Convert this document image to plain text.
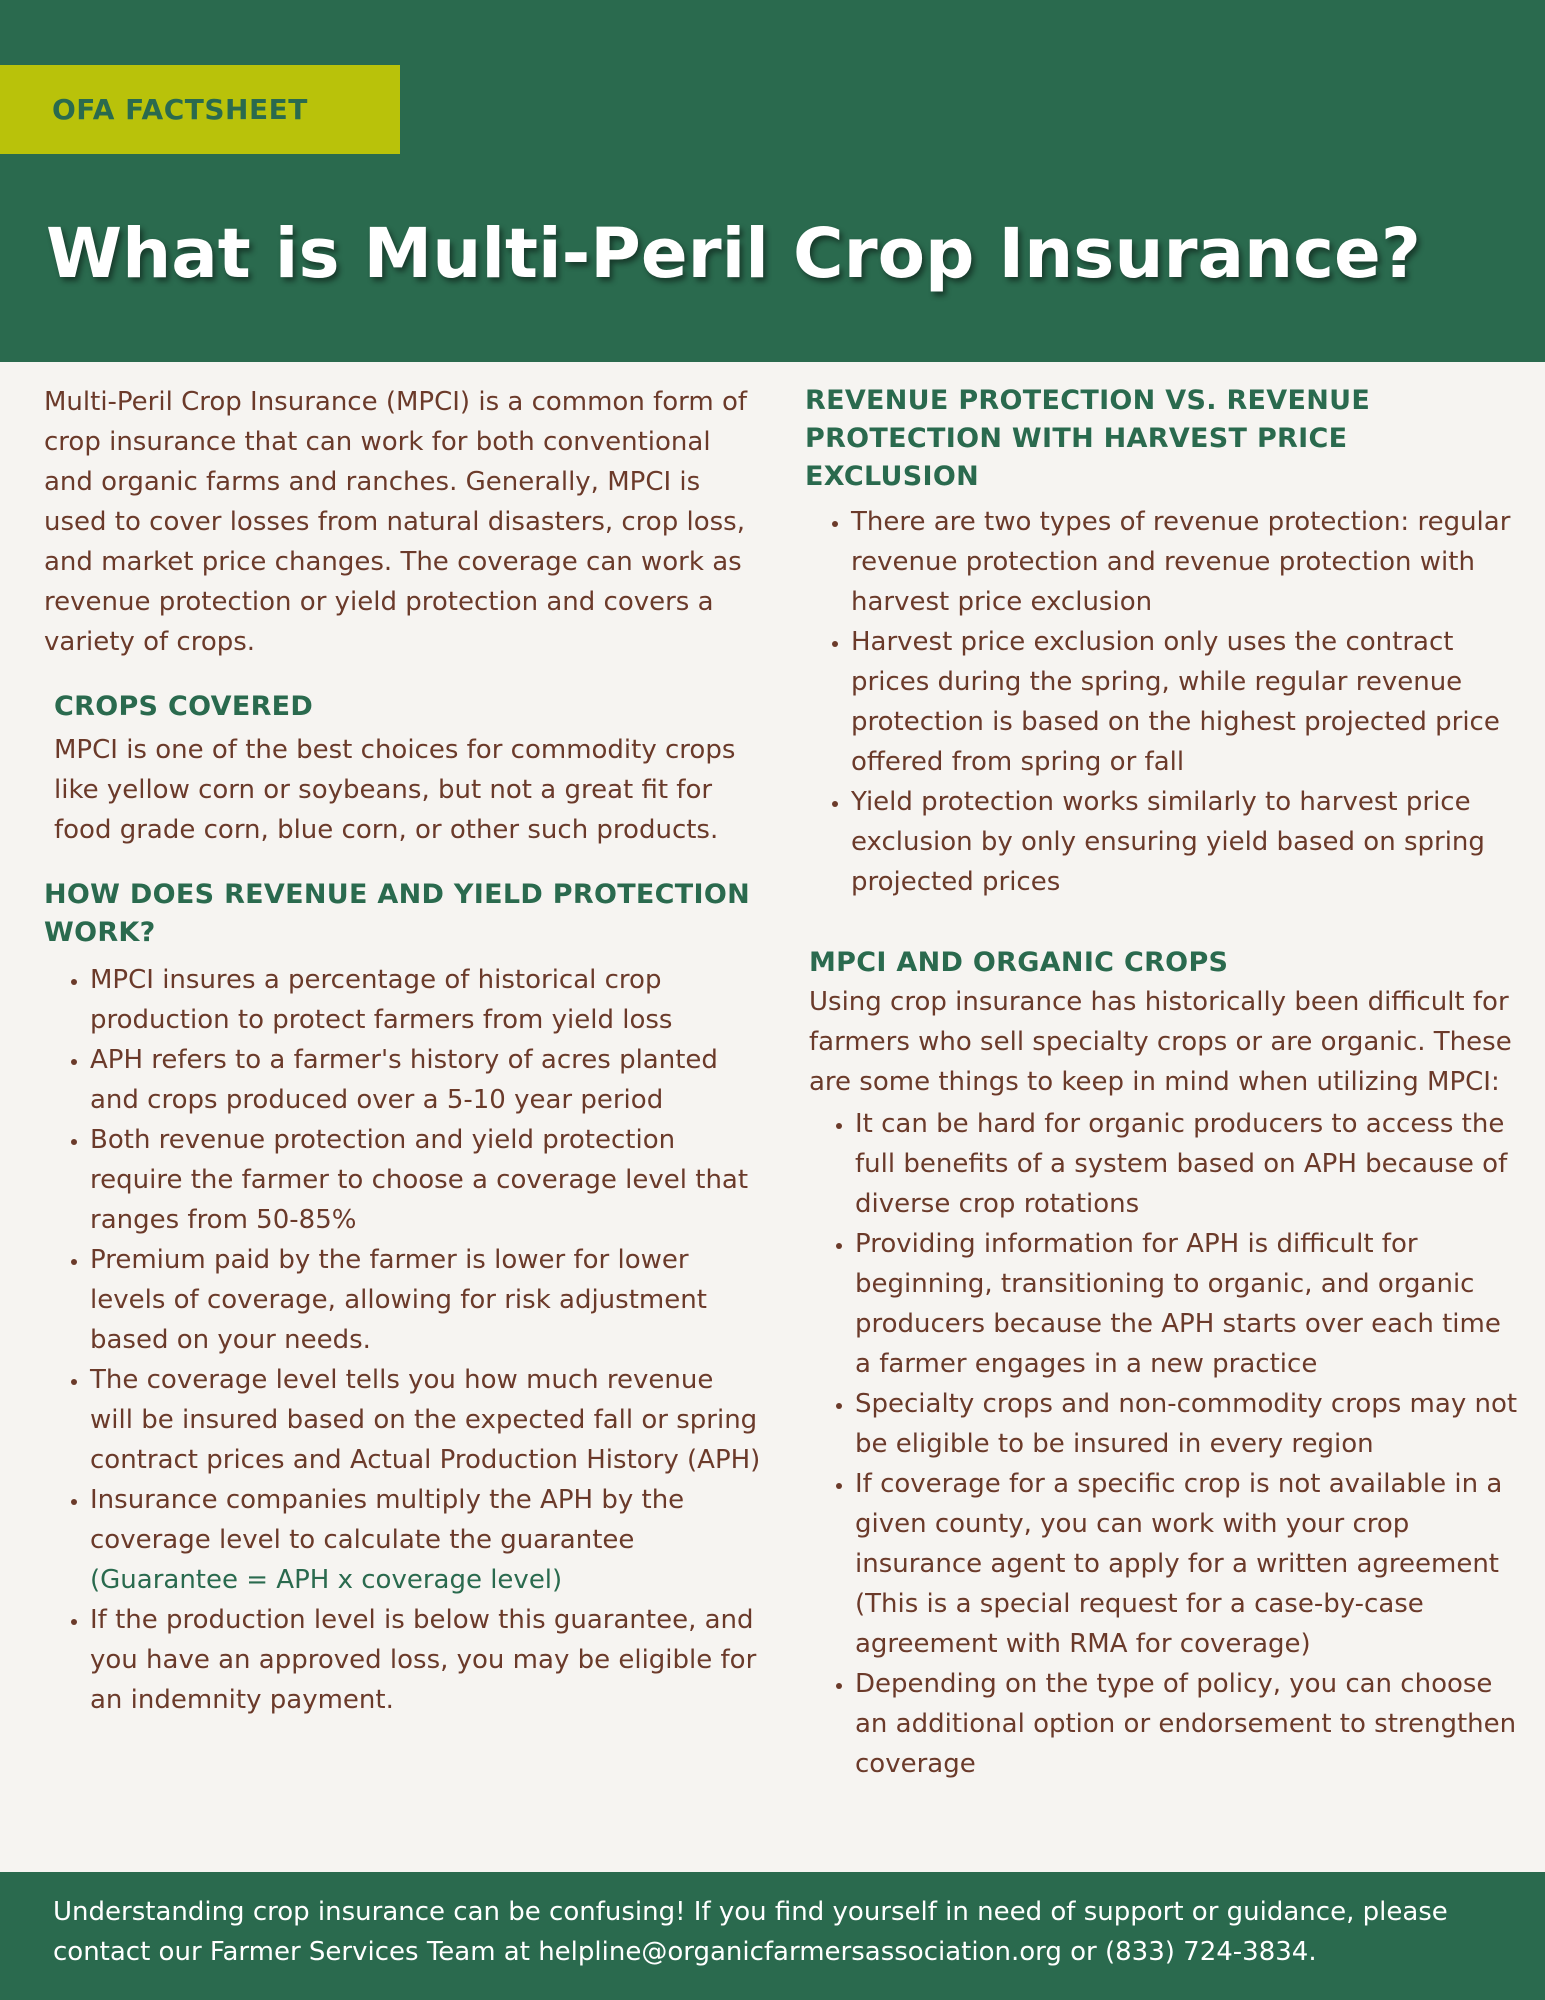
OFA FACTSHEET
What is Multi-Peril Crop Insurance?

Multi-Peril Crop Insurance (MPCI) is a common form of crop insurance that can work for both conventional and organic farms and ranches. Generally, MPCI is used to cover losses from natural disasters, crop loss, and market price changes. The coverage can work as revenue protection or yield protection and covers a variety of crops.

CROPS COVERED

MPCI is one of the best choices for commodity crops like yellow corn or soybeans, but not a great fit for food grade corn, blue corn, or other such products.

HOW DOES REVENUE AND YIELD PROTECTION WORK?
• MPCI insures a percentage of historical crop production to protect farmers from yield loss
• APH refers to a farmer's history of acres planted and crops produced over a 5-10 year period
• Both revenue protection and yield protection require the farmer to choose a coverage level that ranges from 50-85%
• Premium paid by the farmer is lower for lower levels of coverage, allowing for risk adjustment based on your needs.
• The coverage level tells you how much revenue will be insured based on the expected fall or spring contract prices and Actual Production History (APH)
• Insurance companies multiply the APH by the coverage level to calculate the guarantee
(Guarantee = APH x coverage level)
• If the production level is below this guarantee, and you have an approved loss, you may be eligible for an indemnity payment.
REVENUE PROTECTION VS. REVENUE PROTECTION WITH HARVEST PRICE EXCLUSION
• There are two types of revenue protection: regular revenue protection and revenue protection with harvest price exclusion
• Harvest price exclusion only uses the contract prices during the spring, while regular revenue protection is based on the highest projected price offered from spring or fall
• Yield protection works similarly to harvest price exclusion by only ensuring yield based on spring projected prices
MPCI AND ORGANIC CROPS

Using crop insurance has historically been difficult for farmers who sell specialty crops or are organic. These are some things to keep in mind when utilizing MPCI:

• It can be hard for organic producers to access the full benefits of a system based on APH because of diverse crop rotations
• Providing information for APH is difficult for beginning, transitioning to organic, and organic producers because the APH starts over each time a farmer engages in a new practice
• Specialty crops and non-commodity crops may not be eligible to be insured in every region
• If coverage for a specific crop is not available in a given county, you can work with your crop insurance agent to apply for a written agreement (This is a special request for a case-by-case agreement with RMA for coverage)
• Depending on the type of policy, you can choose an additional option or endorsement to strengthen coverage

Understanding crop insurance can be confusing! If you find yourself in need of support or guidance, please contact our Farmer Services Team at helpline@organicfarmersassociation.org or (833) 724-3834.
